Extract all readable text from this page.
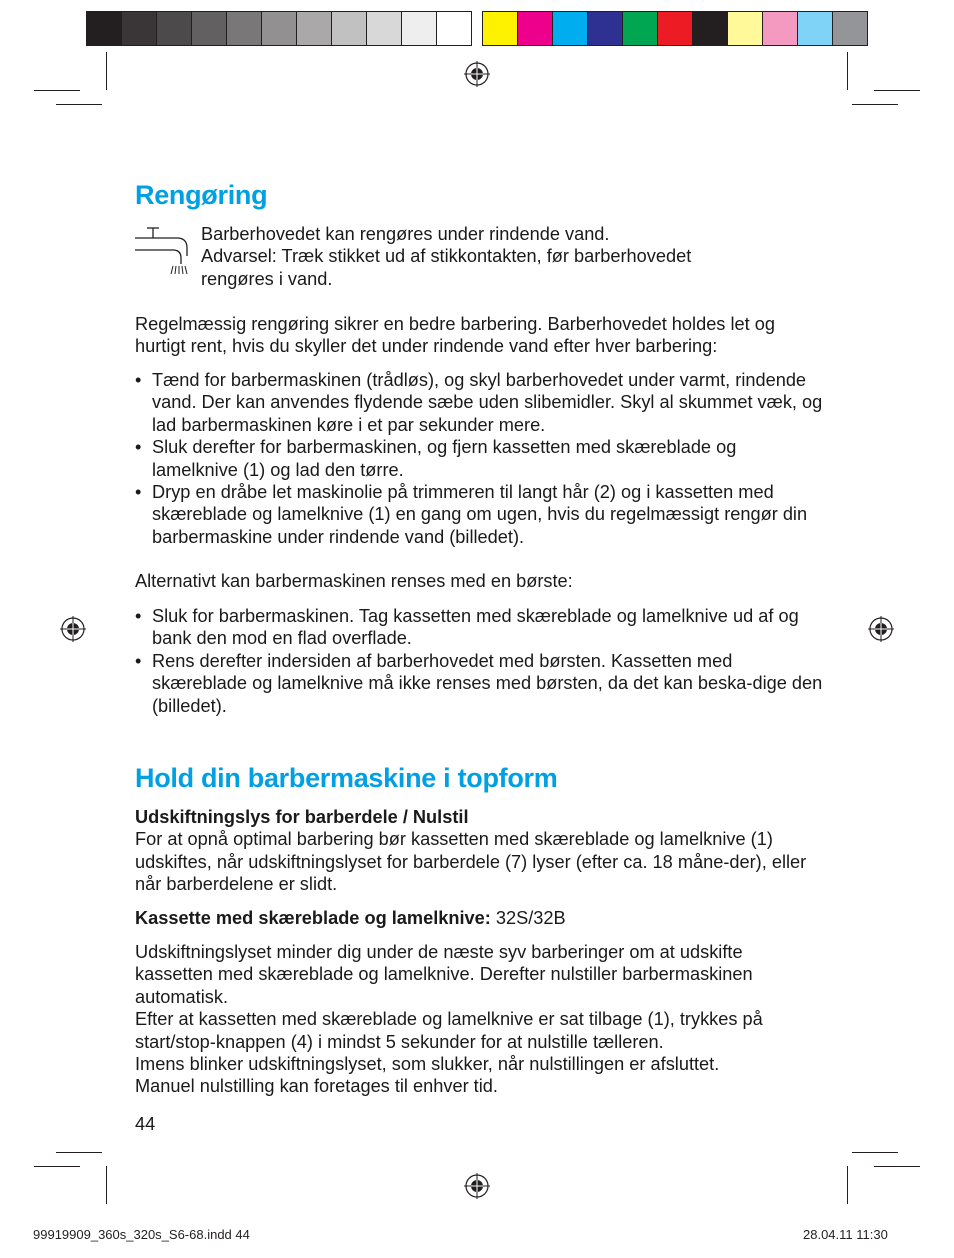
Rengøring
Barberhovedet kan rengøres under rindende vand.
Advarsel: Træk stikket ud af stikkontakten, før barberhovedet
rengøres i vand.

Regelmæssig rengøring sikrer en bedre barbering. Barberhovedet holdes let og hurtigt rent, hvis du skyller det under rindende vand efter hver barbering:

• Tænd for barbermaskinen (trådløs), og skyl barberhovedet under varmt, rindende vand. Der kan anvendes flydende sæbe uden slibemidler. Skyl al skummet væk, og lad barbermaskinen køre i et par sekunder mere.
• Sluk derefter for barbermaskinen, og fjern kassetten med skæreblade og lamelknive (1) og lad den tørre.
• Dryp en dråbe let maskinolie på trimmeren til langt hår (2) og i kassetten med skæreblade og lamelknive (1) en gang om ugen, hvis du regelmæssigt rengør din barbermaskine under rindende vand (billedet).

Alternativt kan barbermaskinen renses med en børste:

• Sluk for barbermaskinen. Tag kassetten med skæreblade og lamelknive ud af og bank den mod en flad overflade.
• Rens derefter indersiden af barberhovedet med børsten. Kassetten med skæreblade og lamelknive må ikke renses med børsten, da det kan beska-dige den (billedet).
Hold din barbermaskine i topform
Udskiftningslys for barberdele / Nulstil
For at opnå optimal barbering bør kassetten med skæreblade og lamelknive (1) udskiftes, når udskiftningslyset for barberdele (7) lyser (efter ca. 18 måne-der), eller når barberdelene er slidt.

Kassette med skæreblade og lamelknive: 32S/32B

Udskiftningslyset minder dig under de næste syv barberinger om at udskifte kassetten med skæreblade og lamelknive. Derefter nulstiller barbermaskinen automatisk.
Efter at kassetten med skæreblade og lamelknive er sat tilbage (1), trykkes på start/stop-knappen (4) i mindst 5 sekunder for at nulstille tælleren.
Imens blinker udskiftningslyset, som slukker, når nulstillingen er afsluttet.
Manuel nulstilling kan foretages til enhver tid.
44
99919909_360s_320s_S6-68.indd 44	28.04.11 11:30
